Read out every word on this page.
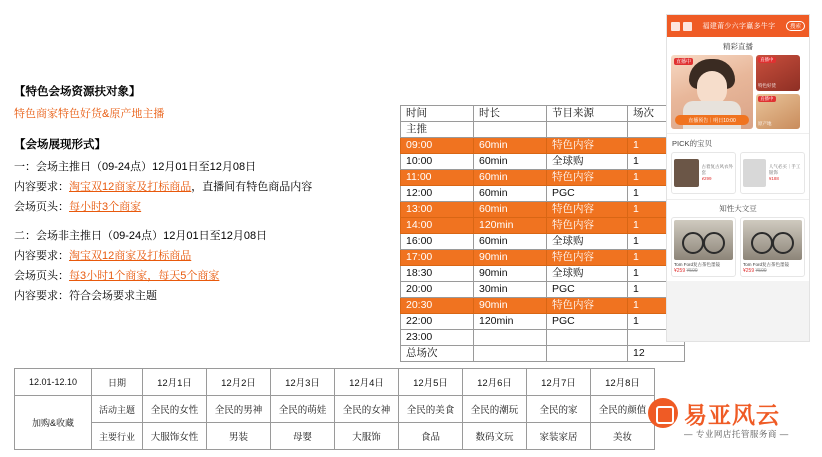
【特色会场资源扶对象】

特色商家特色好货&原产地主播

【会场展现形式】

一：会场主推日（09-24点）12月01日至12月08日

内容要求：淘宝双12商家及打标商品，直播间有特色商品内容

会场页头：每小时3个商家

二：会场非主推日（09-24点）12月01日至12月08日

内容要求：淘宝双12商家及打标商品

会场页头：每3小时1个商家，每天5个商家

内容要求：符合会场要求主题

时间	时长	节目来源	场次
主推			
09:00	60min	特色内容	1
10:00	60min	全球购	1
11:00	60min	特色内容	1
12:00	60min	PGC	1
13:00	60min	特色内容	1
14:00	120min	特色内容	1
16:00	60min	全球购	1
17:00	90min	特色内容	1
18:30	90min	全球购	1
20:00	30min	PGC	1
20:30	90min	特色内容	1
22:00	120min	PGC	1
23:00			
总场次			12
12.01-12.10	日期	12月1日	12月2日	12月3日	12月4日	12月5日	12月6日	12月7日	12月8日
加购&收藏	活动主题	全民的女性	全民的男神	全民的萌娃	全民的女神	全民的美食	全民的潮玩	全民的家	全民的颜值
	主要行业	大服饰女性	男装	母婴	大服饰	食品	数码文玩	家装家居	美妆
福建莆少六字赢多牛字	搜索
精彩直播
直播中
直播预告｜明日10:00
直播中
特色好货
直播中
原产地
PICK的宝贝
古着复古风衣外套
¥299
人气必买｜手工银饰
¥188
知性大文豆
Tom Ford复古茶色墨镜
¥259 ¥599
Tom Ford复古茶色墨镜
¥259 ¥599
易亚风云
— 专业网店托管服务商 —
